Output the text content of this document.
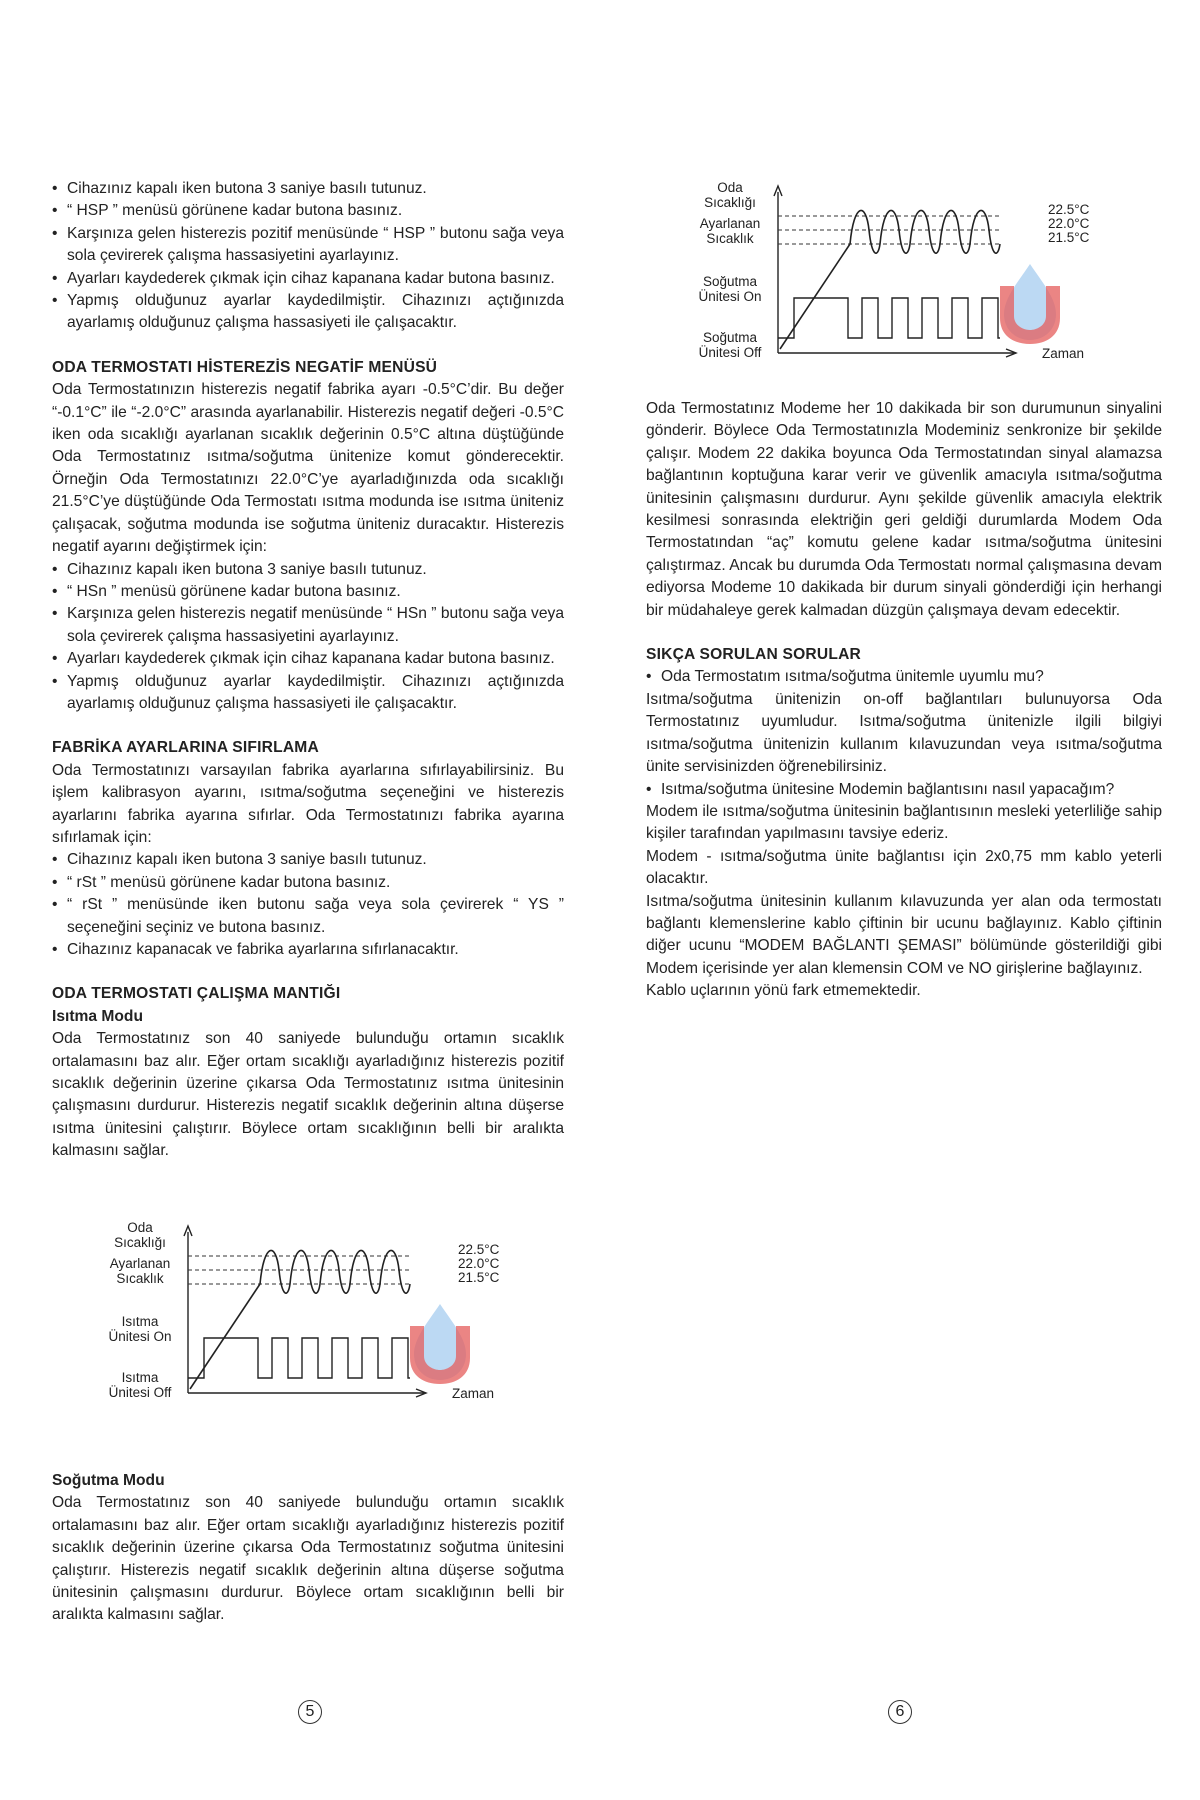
• Cihazınız kapalı iken butona 3 saniye basılı tutunuz.
• “ HSP ” menüsü görünene kadar butona basınız.
• Karşınıza gelen histerezis pozitif menüsünde “ HSP ” butonu sağa veya sola çevirerek çalışma hassasiyetini ayarlayınız.
• Ayarları kaydederek çıkmak için cihaz kapanana kadar butona basınız.
• Yapmış olduğunuz ayarlar kaydedilmiştir. Cihazınızı açtığınızda ayarlamış olduğunuz çalışma hassasiyeti ile çalışacaktır.

ODA TERMOSTATI HİSTEREZİS NEGATİF MENÜSÜ

Oda Termostatınızın histerezis negatif fabrika ayarı -0.5°C’dir. Bu değer “-0.1°C” ile “-2.0°C” arasında ayarlanabilir. Histerezis negatif değeri -0.5°C iken oda sıcaklığı ayarlanan sıcaklık değerinin 0.5°C altına düştüğünde Oda Termostatınız ısıtma/soğutma ünitenize komut gönderecektir. Örneğin Oda Termostatınızı 22.0°C’ye ayarladığınızda oda sıcaklığı 21.5°C’ye düştüğünde Oda Termostatı ısıtma modunda ise ısıtma üniteniz çalışacak, soğutma modunda ise soğutma üniteniz duracaktır. Histerezis negatif ayarını değiştirmek için:

• Cihazınız kapalı iken butona 3 saniye basılı tutunuz.
• “ HSn ” menüsü görünene kadar butona basınız.
• Karşınıza gelen histerezis negatif menüsünde “ HSn ” butonu sağa veya sola çevirerek çalışma hassasiyetini ayarlayınız.
• Ayarları kaydederek çıkmak için cihaz kapanana kadar butona basınız.
• Yapmış olduğunuz ayarlar kaydedilmiştir. Cihazınızı açtığınızda ayarlamış olduğunuz çalışma hassasiyeti ile çalışacaktır.

FABRİKA AYARLARINA SIFIRLAMA

Oda Termostatınızı varsayılan fabrika ayarlarına sıfırlayabilirsiniz. Bu işlem kalibrasyon ayarını, ısıtma/soğutma seçeneğini ve histerezis ayarlarını fabrika ayarına sıfırlar. Oda Termostatınızı fabrika ayarına sıfırlamak için:

• Cihazınız kapalı iken butona 3 saniye basılı tutunuz.
• “ rSt ” menüsü görünene kadar butona basınız.
• “ rSt ” menüsünde iken butonu sağa veya sola çevirerek “ YS ” seçeneğini seçiniz ve butona basınız.
• Cihazınız kapanacak ve fabrika ayarlarına sıfırlanacaktır.

ODA TERMOSTATI ÇALIŞMA MANTIĞI

Isıtma Modu

Oda Termostatınız son 40 saniyede bulunduğu ortamın sıcaklık ortalamasını baz alır. Eğer ortam sıcaklığı ayarladığınız histerezis pozitif sıcaklık değerinin üzerine çıkarsa Oda Termostatınız ısıtma ünitesinin çalışmasını durdurur. Histerezis negatif sıcaklık değerinin altına düşerse ısıtma ünitesini çalıştırır. Böylece ortam sıcaklığının belli bir aralıkta kalmasını sağlar.

Oda Sıcaklığı
Ayarlanan Sıcaklık
Isıtma Ünitesi On
Isıtma Ünitesi Off
22.5°C
22.0°C
21.5°C
Zaman

Soğutma Modu

Oda Termostatınız son 40 saniyede bulunduğu ortamın sıcaklık ortalamasını baz alır. Eğer ortam sıcaklığı ayarladığınız histerezis pozitif sıcaklık değerinin üzerine çıkarsa Oda Termostatınız soğutma ünitesini çalıştırır. Histerezis negatif sıcaklık değerinin altına düşerse soğutma ünitesinin çalışmasını durdurur. Böylece ortam sıcaklığının belli bir aralıkta kalmasını sağlar.

Oda Sıcaklığı
Ayarlanan Sıcaklık
Soğutma Ünitesi On
Soğutma Ünitesi Off
22.5°C
22.0°C
21.5°C
Zaman

Oda Termostatınız Modeme her 10 dakikada bir son durumunun sinyalini gönderir. Böylece Oda Termostatınızla Modeminiz senkronize bir şekilde çalışır. Modem 22 dakika boyunca Oda Termostatından sinyal alamazsa bağlantının koptuğuna karar verir ve güvenlik amacıyla ısıtma/soğutma ünitesinin çalışmasını durdurur. Aynı şekilde güvenlik amacıyla elektrik kesilmesi sonrasında elektriğin geri geldiği durumlarda Modem Oda Termostatından “aç” komutu gelene kadar ısıtma/soğutma ünitesini çalıştırmaz. Ancak bu durumda Oda Termostatı normal çalışmasına devam ediyorsa Modeme 10 dakikada bir durum sinyali gönderdiği için herhangi bir müdahaleye gerek kalmadan düzgün çalışmaya devam edecektir.

SIKÇA SORULAN SORULAR

• Oda Termostatım ısıtma/soğutma ünitemle uyumlu mu?

Isıtma/soğutma ünitenizin on-off bağlantıları bulunuyorsa Oda Termostatınız uyumludur. Isıtma/soğutma ünitenizle ilgili bilgiyi ısıtma/soğutma ünitenizin kullanım kılavuzundan veya ısıtma/soğutma ünite servisinizden öğrenebilirsiniz.

• Isıtma/soğutma ünitesine Modemin bağlantısını nasıl yapacağım?

Modem ile ısıtma/soğutma ünitesinin bağlantısının mesleki yeterliliğe sahip kişiler tarafından yapılmasını tavsiye ederiz.

Modem - ısıtma/soğutma ünite bağlantısı için 2x0,75 mm kablo yeterli olacaktır.

Isıtma/soğutma ünitesinin kullanım kılavuzunda yer alan oda termostatı bağlantı klemenslerine kablo çiftinin bir ucunu bağlayınız. Kablo çiftinin diğer ucunu “MODEM BAĞLANTI ŞEMASI” bölümünde gösterildiği gibi Modem içerisinde yer alan klemensin COM ve NO girişlerine bağlayınız.

Kablo uçlarının yönü fark etmemektedir.

5	6
